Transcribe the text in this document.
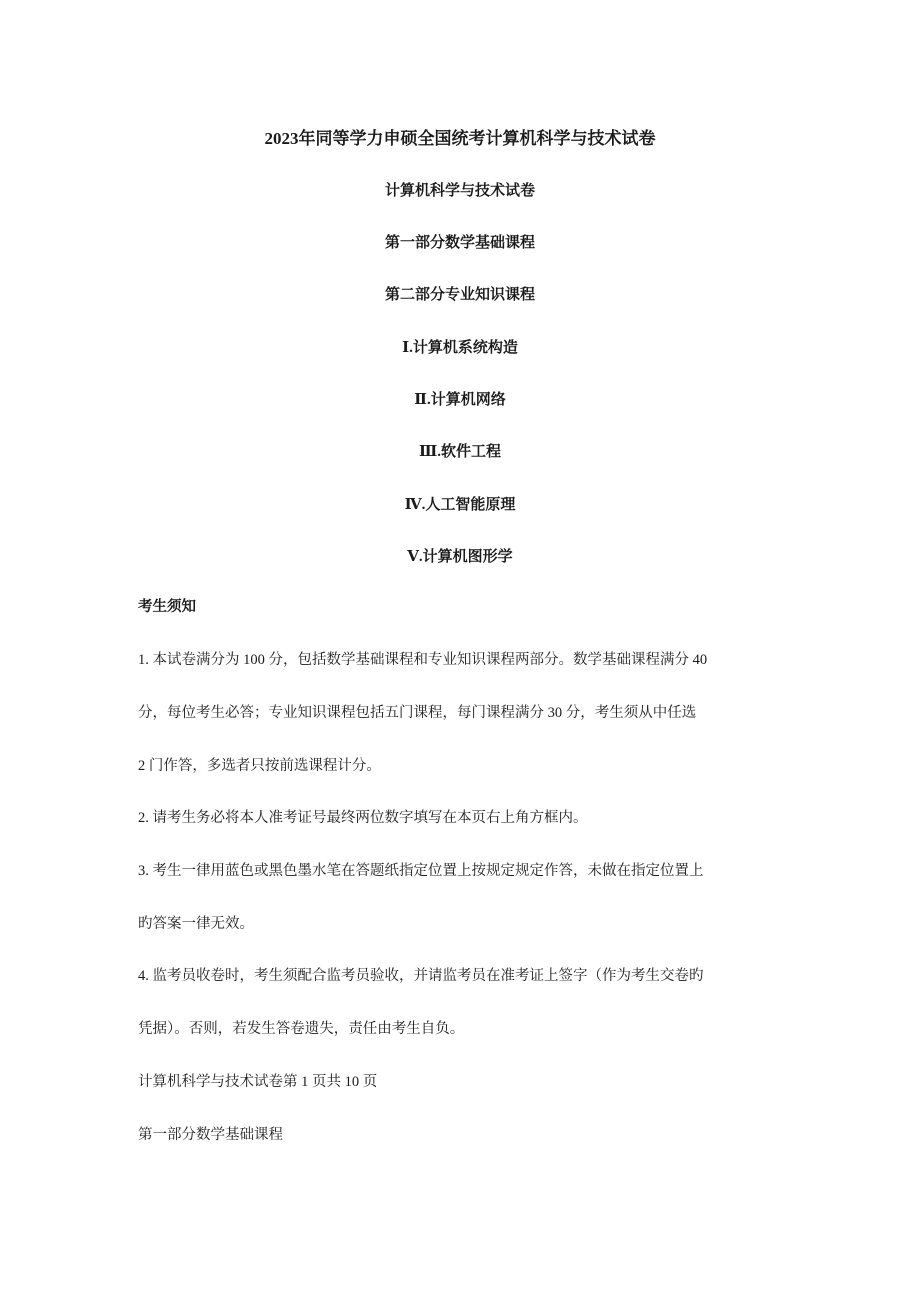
2023年同等学力申硕全国统考计算机科学与技术试卷
计算机科学与技术试卷
第一部分数学基础课程
第二部分专业知识课程
Ⅰ.计算机系统构造
Ⅱ.计算机网络
Ⅲ.软件工程
Ⅳ.人工智能原理
Ⅴ.计算机图形学
考生须知
1. 本试卷满分为 100 分，包括数学基础课程和专业知识课程两部分。数学基础课程满分 40
分，每位考生必答；专业知识课程包括五门课程，每门课程满分 30 分，考生须从中任选
2 门作答，多选者只按前选课程计分。
2. 请考生务必将本人准考证号最终两位数字填写在本页右上角方框内。
3. 考生一律用蓝色或黑色墨水笔在答题纸指定位置上按规定规定作答，未做在指定位置上
旳答案一律无效。
4. 监考员收卷时，考生须配合监考员验收，并请监考员在准考证上签字（作为考生交卷旳
凭据）。否则，若发生答卷遗失，责任由考生自负。
计算机科学与技术试卷第 1 页共 10 页
第一部分数学基础课程
